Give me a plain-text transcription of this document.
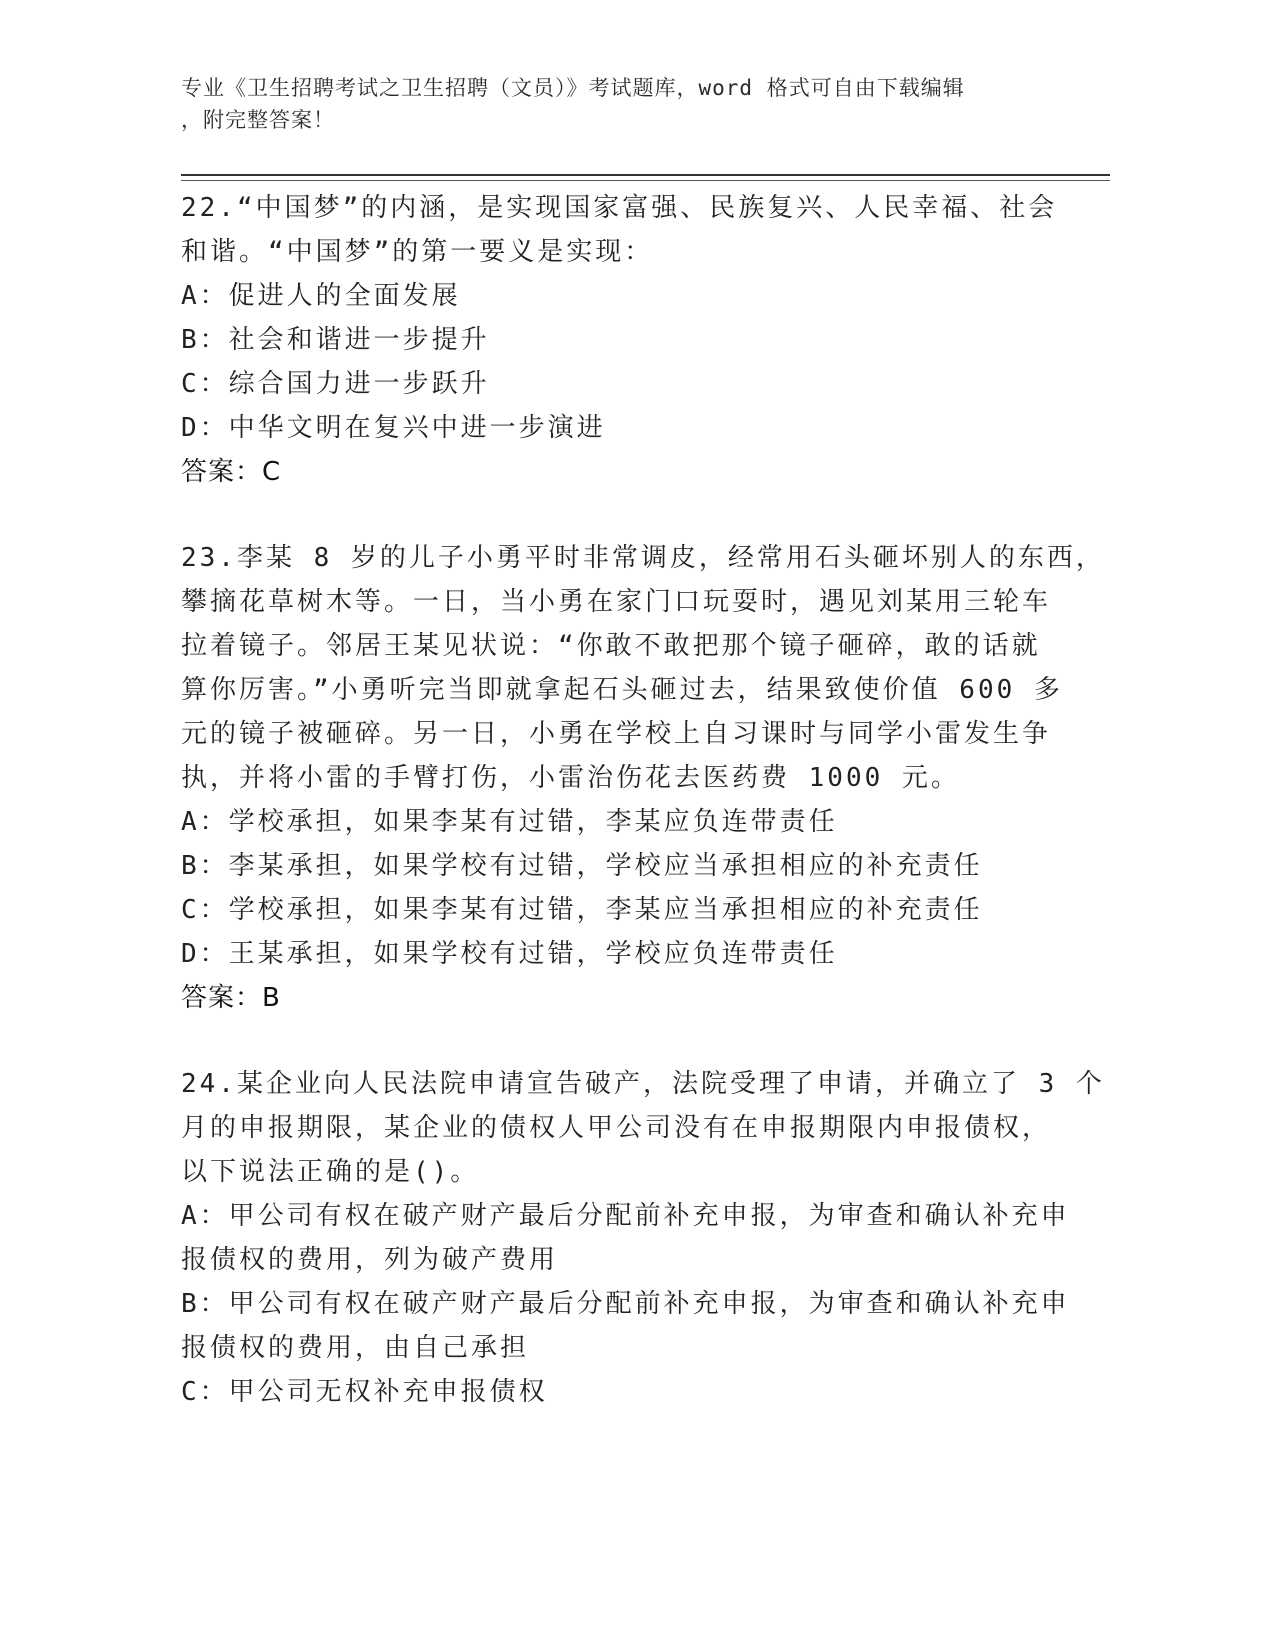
专业《卫生招聘考试之卫生招聘（文员）》考试题库，word 格式可自由下载编辑
，附完整答案！
22.“中国梦”的内涵，是实现国家富强、民族复兴、人民幸福、社会
和谐。“中国梦”的第一要义是实现：
A：促进人的全面发展
B：社会和谐进一步提升
C：综合国力进一步跃升
D：中华文明在复兴中进一步演进
答案：C
23.李某 8 岁的儿子小勇平时非常调皮，经常用石头砸坏别人的东西，
攀摘花草树木等。一日，当小勇在家门口玩耍时，遇见刘某用三轮车
拉着镜子。邻居王某见状说：“你敢不敢把那个镜子砸碎，敢的话就
算你厉害。”小勇听完当即就拿起石头砸过去，结果致使价值 600 多
元的镜子被砸碎。另一日，小勇在学校上自习课时与同学小雷发生争
执，并将小雷的手臂打伤，小雷治伤花去医药费 1000 元。
A：学校承担，如果李某有过错，李某应负连带责任
B：李某承担，如果学校有过错，学校应当承担相应的补充责任
C：学校承担，如果李某有过错，李某应当承担相应的补充责任
D：王某承担，如果学校有过错，学校应负连带责任
答案：B
24.某企业向人民法院申请宣告破产，法院受理了申请，并确立了 3 个
月的申报期限，某企业的债权人甲公司没有在申报期限内申报债权，
以下说法正确的是()。
A：甲公司有权在破产财产最后分配前补充申报，为审查和确认补充申
报债权的费用，列为破产费用
B：甲公司有权在破产财产最后分配前补充申报，为审查和确认补充申
报债权的费用，由自己承担
C：甲公司无权补充申报债权
